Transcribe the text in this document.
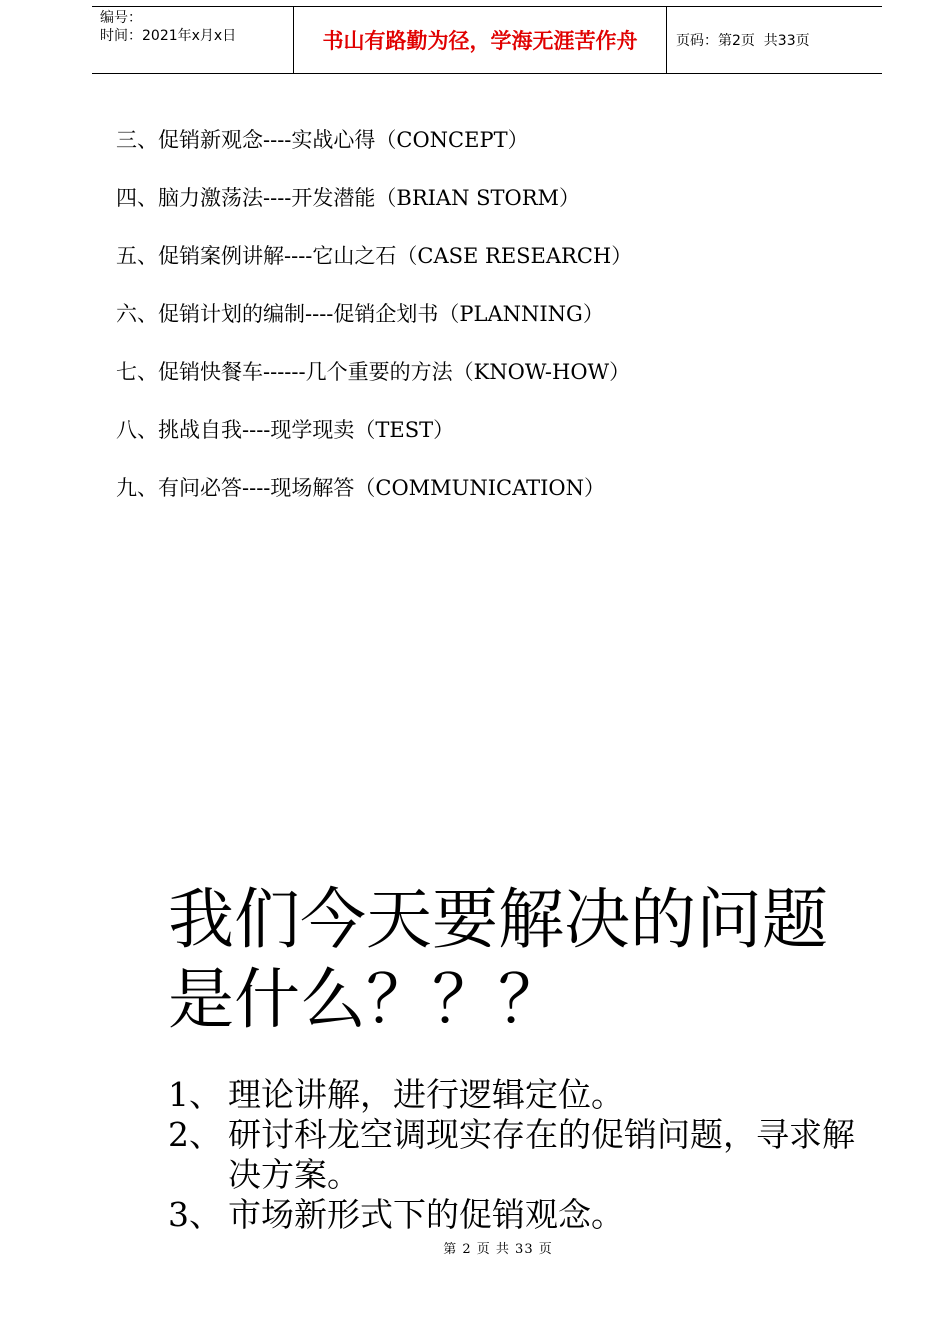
编号：
时间：2021年x月x日	书山有路勤为径，学海无涯苦作舟	页码：第2页  共33页
三、促销新观念----实战心得（CONCEPT）
四、脑力激荡法----开发潜能（BRIAN STORM）
五、促销案例讲解----它山之石（CASE RESEARCH）
六、促销计划的编制----促销企划书（PLANNING）
七、促销快餐车------几个重要的方法（KNOW-HOW）
八、挑战自我----现学现卖（TEST）
九、有问必答----现场解答（COMMUNICATION）
我们今天要解决的问题是什么？？？
1、 理论讲解，进行逻辑定位。
2、 研讨科龙空调现实存在的促销问题，寻求解决方案。
3、 市场新形式下的促销观念。
第 2 页 共 33 页
